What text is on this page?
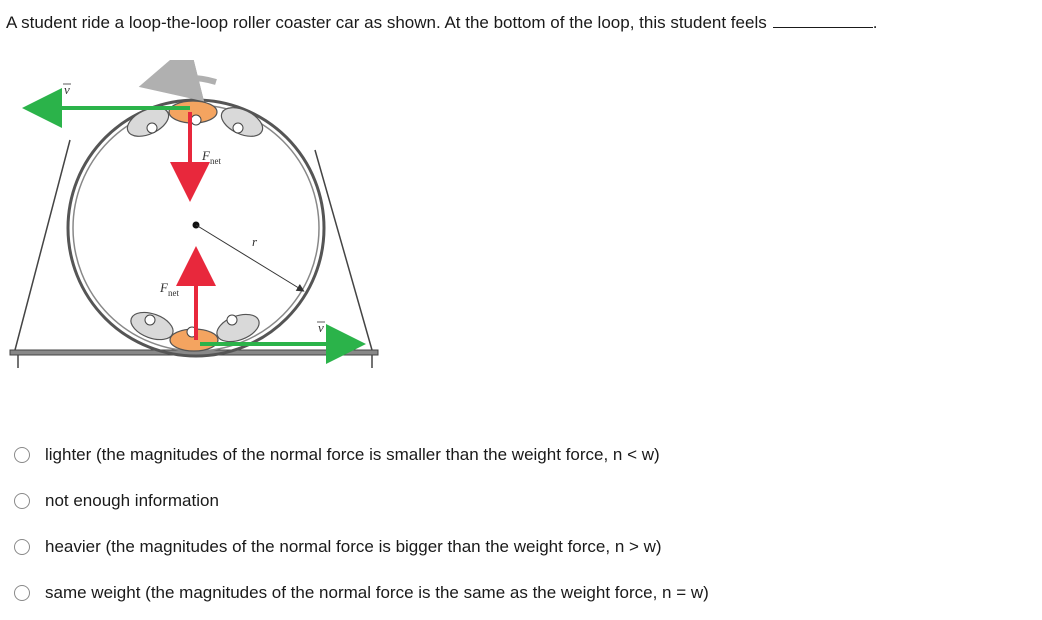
A student ride a loop-the-loop roller coaster car as shown. At the bottom of the loop, this student feels	.
r
v
$F_{net}$
$F_{net}$
v
lighter (the magnitudes of the normal force is smaller than the weight force, n < w)
not enough information
heavier (the magnitudes of the normal force is bigger than the weight force, n > w)
same weight (the magnitudes of the normal force is the same as the weight force, n = w)
